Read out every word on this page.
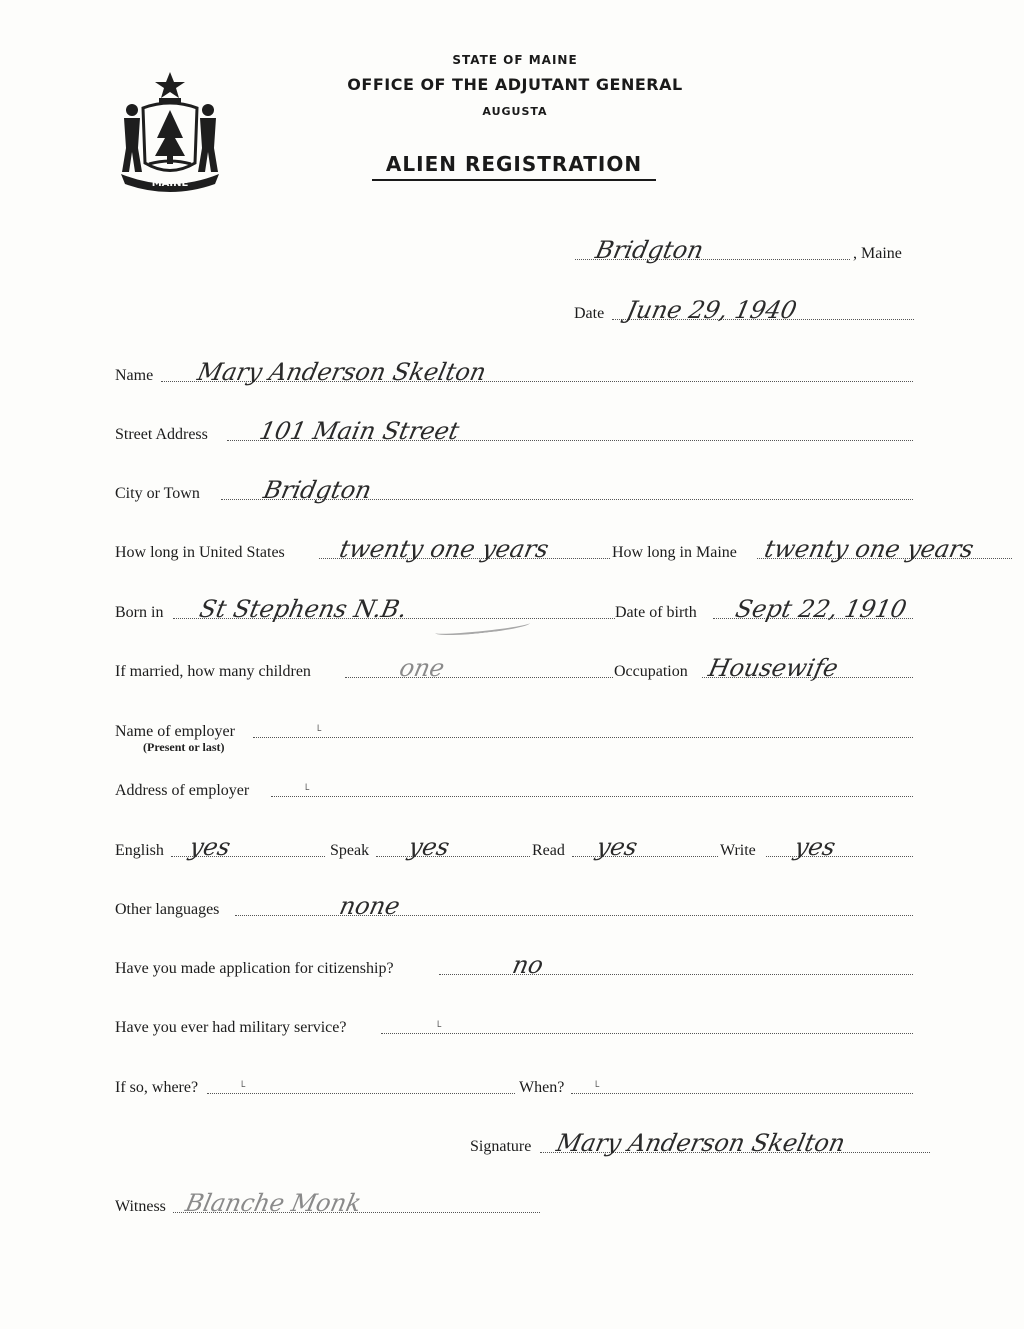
MAINE
STATE OF MAINE
OFFICE OF THE ADJUTANT GENERAL
AUGUSTA
ALIEN REGISTRATION
Bridgton	, Maine
Date June 29, 1940
Name Mary Anderson Skelton
Street Address 101 Main Street
City or Town	Bridgton
How long in United States twenty one years	How long in Maine twenty one years
Born in St Stephens N.B.	Date of birth Sept 22, 1910
If married, how many children	one	Occupation Housewife
Name of employer	˪
(Present or last)
Address of employer	˪
English yes	Speak yes	Read yes	Write yes
Other languages	none
Have you made application for citizenship?	no
Have you ever had military service?	˪
If so, where?	˪	When? ˪
Signature Mary Anderson Skelton
Witness Blanche Monk
